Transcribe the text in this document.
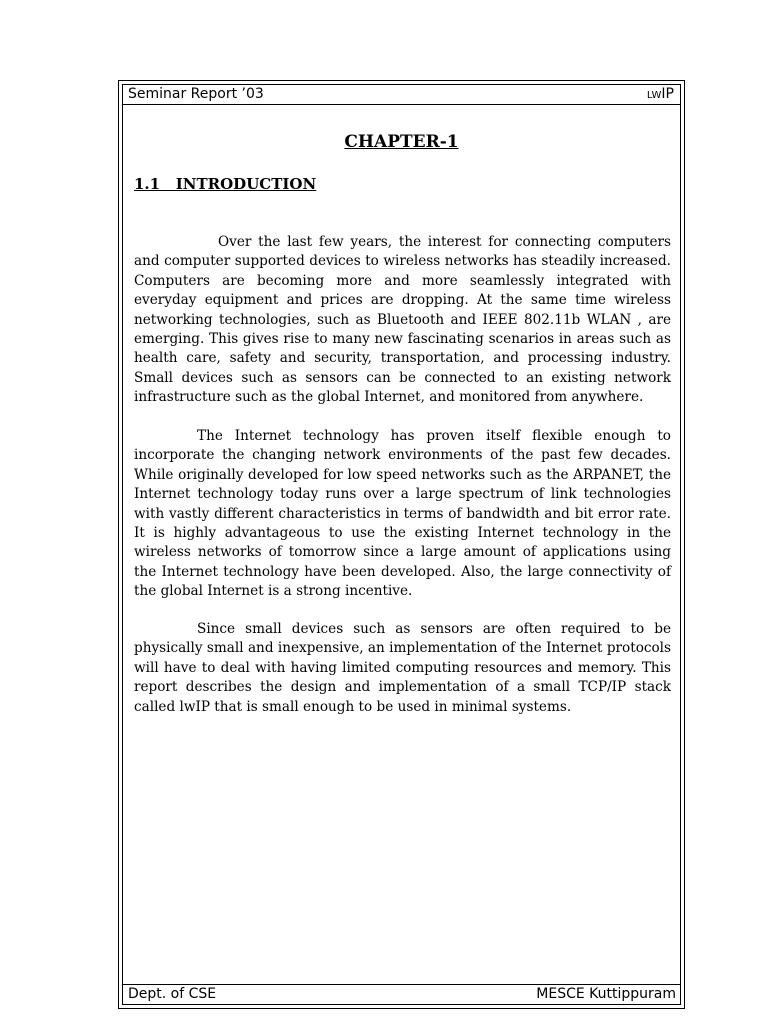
Seminar Report ’03	LWIP
CHAPTER-1
1.1   INTRODUCTION

Over the last few years, the interest for connecting computers and computer supported devices to wireless networks has steadily increased. Computers are becoming more and more seamlessly integrated with everyday equipment and prices are dropping. At the same time wireless networking technologies, such as Bluetooth and IEEE 802.11b WLAN , are emerging. This gives rise to many new fascinating scenarios in areas such as health care, safety and security, transportation, and processing industry. Small devices such as sensors can be connected to an existing network infrastructure such as the global Internet, and monitored from anywhere.

The Internet technology has proven itself flexible enough to incorporate the changing network environments of the past few decades. While originally developed for low speed networks such as the ARPANET, the Internet technology today runs over a large spectrum of link technologies with vastly different characteristics in terms of bandwidth and bit error rate. It is highly advantageous to use the existing Internet technology in the wireless networks of tomorrow since a large amount of applications using the Internet technology have been developed. Also, the large connectivity of the global Internet is a strong incentive.

Since small devices such as sensors are often required to be physically small and inexpensive, an implementation of the Internet protocols will have to deal with having limited computing resources and memory. This report describes the design and implementation of a small TCP/IP stack called lwIP that is small enough to be used in minimal systems.

Dept. of CSE	MESCE Kuttippuram
